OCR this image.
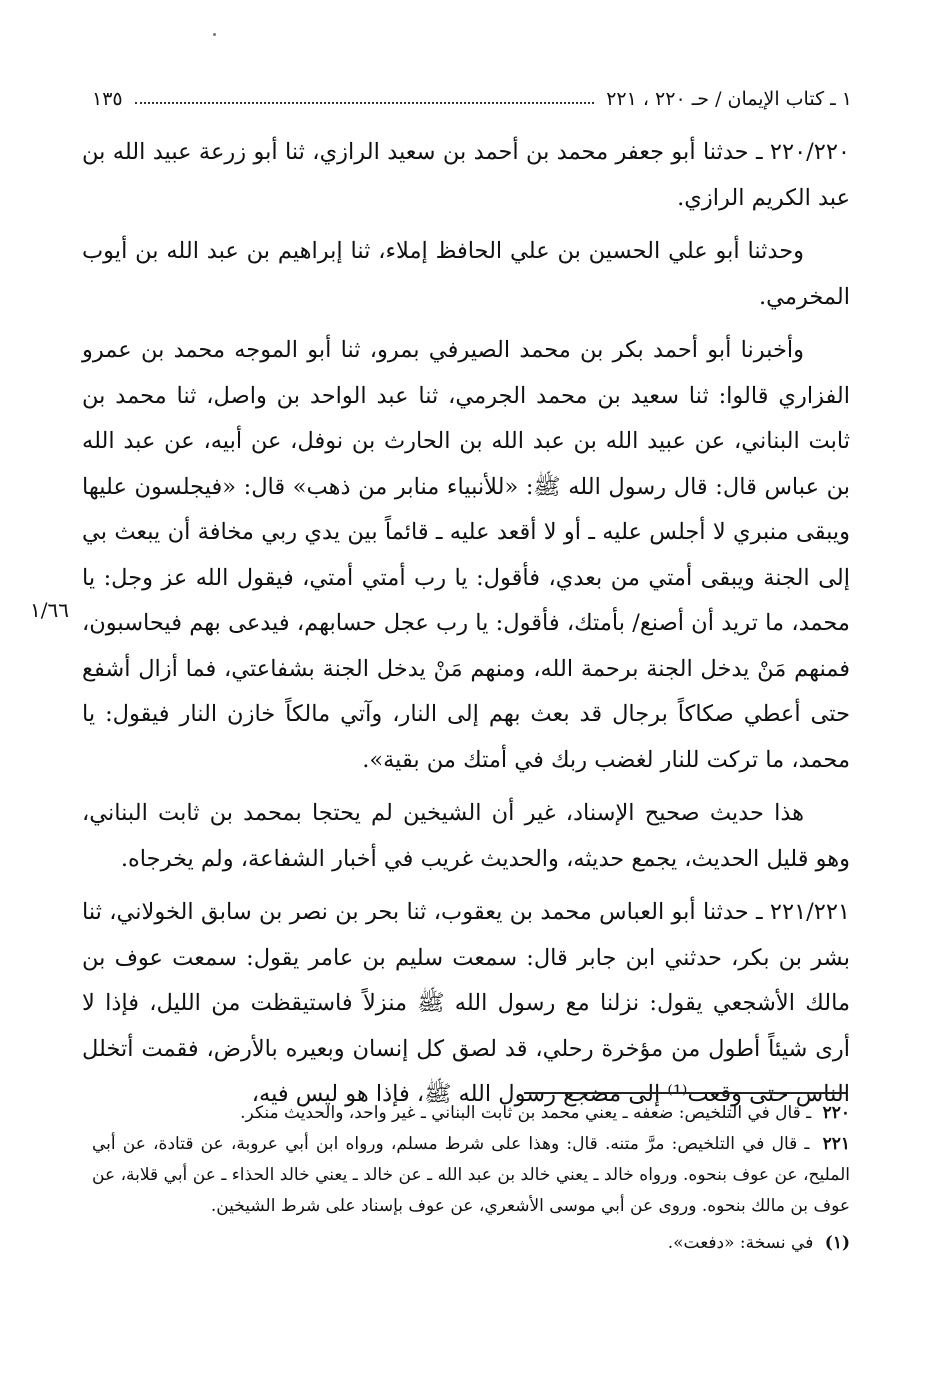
١ ـ كتاب الإيمان / حـ ٢٢٠ ، ٢٢١
١٣٥

٢٢٠/٢٢٠ ـ حدثنا أبو جعفر محمد بن أحمد بن سعيد الرازي، ثنا أبو زرعة عبيد الله بن عبد الكريم الرازي.

وحدثنا أبو علي الحسين بن علي الحافظ إملاء، ثنا إبراهيم بن عبد الله بن أيوب المخرمي.

وأخبرنا أبو أحمد بكر بن محمد الصيرفي بمرو، ثنا أبو الموجه محمد بن عمرو الفزاري قالوا: ثنا سعيد بن محمد الجرمي، ثنا عبد الواحد بن واصل، ثنا محمد بن ثابت البناني، عن عبيد الله بن عبد الله بن الحارث بن نوفل، عن أبيه، عن عبد الله بن عباس قال: قال رسول الله ﷺ: «للأنبياء منابر من ذهب» قال: «فيجلسون عليها ويبقى منبري لا أجلس عليه ـ أو لا أقعد عليه ـ قائماً بين يدي ربي مخافة أن يبعث بي إلى الجنة ويبقى أمتي من بعدي، فأقول: يا رب أمتي أمتي، فيقول الله عز وجل: يا محمد، ما تريد أن أصنع/ بأمتك، فأقول: يا رب عجل حسابهم، فيدعى بهم فيحاسبون، فمنهم مَنْ يدخل الجنة برحمة الله، ومنهم مَنْ يدخل الجنة بشفاعتي، فما أزال أشفع حتى أعطي صكاكاً برجال قد بعث بهم إلى النار، وآتي مالكاً خازن النار فيقول: يا محمد، ما تركت للنار لغضب ربك في أمتك من بقية».

هذا حديث صحيح الإسناد، غير أن الشيخين لم يحتجا بمحمد بن ثابت البناني، وهو قليل الحديث، يجمع حديثه، والحديث غريب في أخبار الشفاعة، ولم يخرجاه.

٢٢١/٢٢١ ـ حدثنا أبو العباس محمد بن يعقوب، ثنا بحر بن نصر بن سابق الخولاني، ثنا بشر بن بكر، حدثني ابن جابر قال: سمعت سليم بن عامر يقول: سمعت عوف بن مالك الأشجعي يقول: نزلنا مع رسول الله ﷺ منزلاً فاستيقظت من الليل، فإذا لا أرى شيئاً أطول من مؤخرة رحلي، قد لصق كل إنسان وبعيره بالأرض، فقمت أتخلل الناس حتى وقعت⁽¹⁾ إلى مضجع رسول الله ﷺ، فإذا هو ليس فيه،

١/٦٦

٢٢٠ ـ قال في التلخيص: ضعفه ـ يعني محمد بن ثابت البناني ـ غير واحد، والحديث منكر.

٢٢١ ـ قال في التلخيص: مرَّ متنه. قال: وهذا على شرط مسلم، ورواه ابن أبي عروبة، عن قتادة، عن أبي المليح، عن عوف بنحوه. ورواه خالد ـ يعني خالد بن عبد الله ـ عن خالد ـ يعني خالد الحذاء ـ عن أبي قلابة، عن عوف بن مالك بنحوه. وروى عن أبي موسى الأشعري، عن عوف بإسناد على شرط الشيخين.

(١) في نسخة: «دفعت».
